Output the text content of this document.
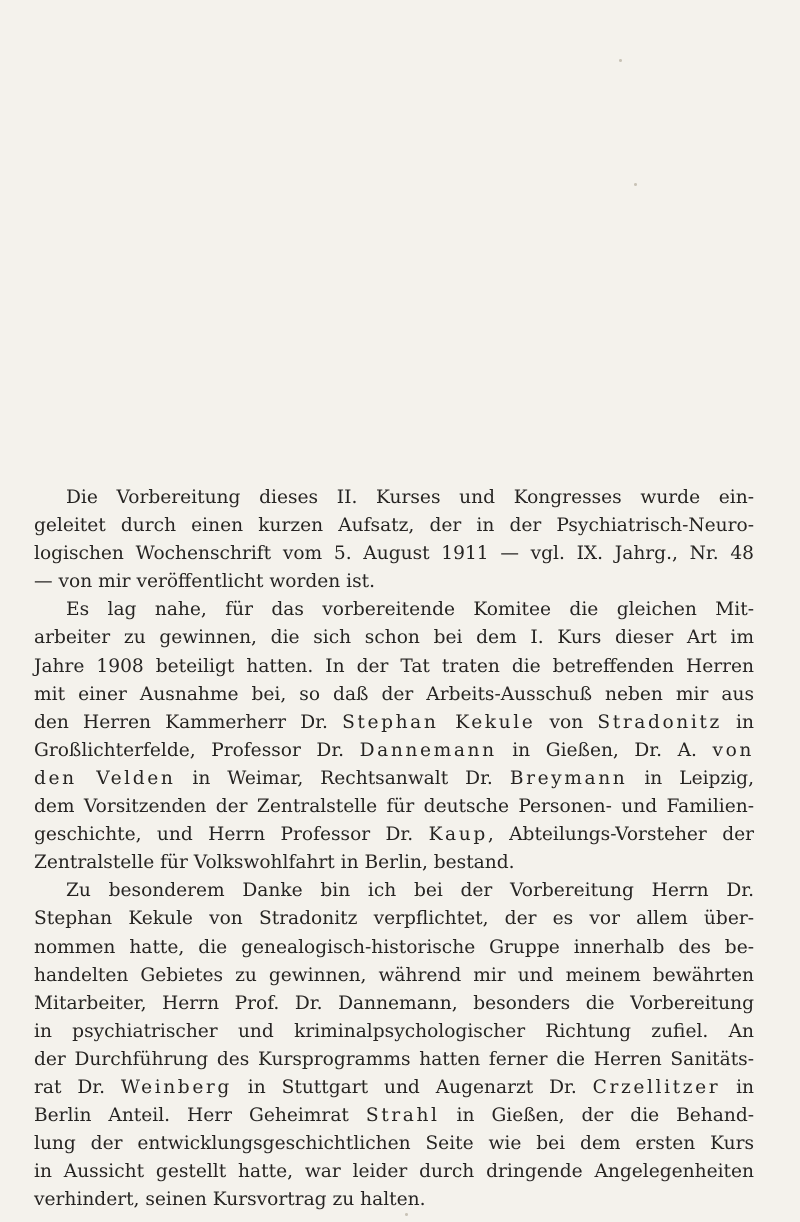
Die Vorbereitung dieses II. Kurses und Kongresses wurde ein-
geleitet durch einen kurzen Aufsatz, der in der Psychiatrisch-Neuro-
logischen Wochenschrift vom 5. August 1911 — vgl. IX. Jahrg., Nr. 48
— von mir veröffentlicht worden ist.
Es lag nahe, für das vorbereitende Komitee die gleichen Mit-
arbeiter zu gewinnen, die sich schon bei dem I. Kurs dieser Art im
Jahre 1908 beteiligt hatten. In der Tat traten die betreffenden Herren
mit einer Ausnahme bei, so daß der Arbeits-Ausschuß neben mir aus
den Herren Kammerherr Dr. Stephan Kekule von Stradonitz in
Großlichterfelde, Professor Dr. Dannemann in Gießen, Dr. A. von
den Velden in Weimar, Rechtsanwalt Dr. Breymann in Leipzig,
dem Vorsitzenden der Zentralstelle für deutsche Personen- und Familien-
geschichte, und Herrn Professor Dr. Kaup, Abteilungs-Vorsteher der
Zentralstelle für Volkswohlfahrt in Berlin, bestand.
Zu besonderem Danke bin ich bei der Vorbereitung Herrn Dr.
Stephan Kekule von Stradonitz verpflichtet, der es vor allem über-
nommen hatte, die genealogisch-historische Gruppe innerhalb des be-
handelten Gebietes zu gewinnen, während mir und meinem bewährten
Mitarbeiter, Herrn Prof. Dr. Dannemann, besonders die Vorbereitung
in psychiatrischer und kriminalpsychologischer Richtung zufiel. An
der Durchführung des Kursprogramms hatten ferner die Herren Sanitäts-
rat Dr. Weinberg in Stuttgart und Augenarzt Dr. Crzellitzer in
Berlin Anteil. Herr Geheimrat Strahl in Gießen, der die Behand-
lung der entwicklungsgeschichtlichen Seite wie bei dem ersten Kurs
in Aussicht gestellt hatte, war leider durch dringende Angelegenheiten
verhindert, seinen Kursvortrag zu halten.
